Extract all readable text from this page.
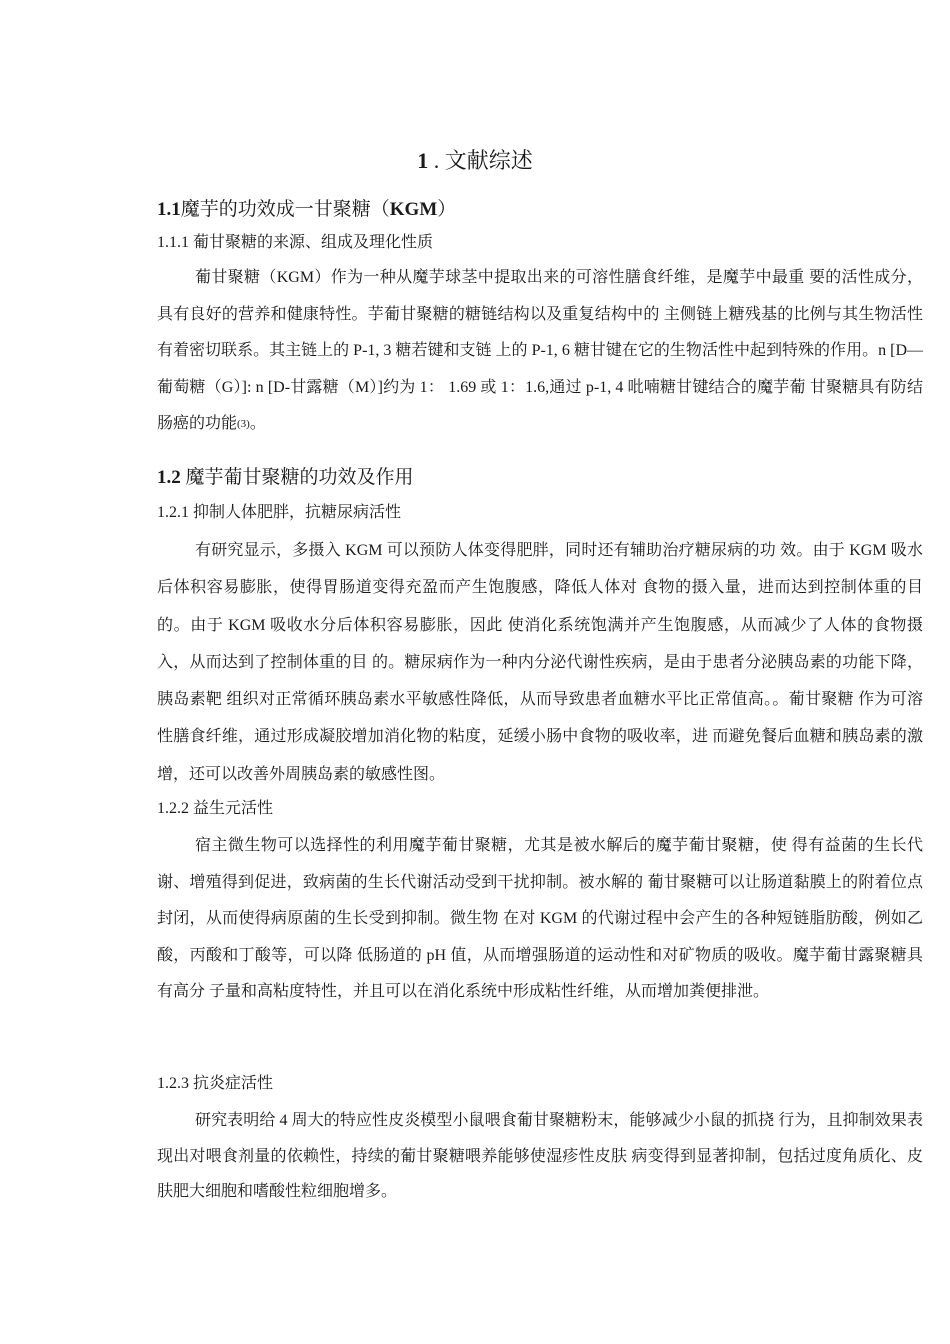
1 . 文献综述
1.1魔芋的功效成一甘聚糖（KGM）
1.1.1 葡甘聚糖的来源、组成及理化性质

葡甘聚糖（KGM）作为一种从魔芋球茎中提取出来的可溶性膳食纤维，是魔芋中最重 要的活性成分，具有良好的营养和健康特性。芋葡甘聚糖的糖链结构以及重复结构中的 主侧链上糖残基的比例与其生物活性有着密切联系。其主链上的 P-1, 3 糖若键和支链 上的 P-1, 6 糖甘键在它的生物活性中起到特殊的作用。n [D—葡萄糖（G）]: n [D-甘露糖（M）]约为 1： 1.69 或 1：1.6,通过 p-1, 4 吡喃糖甘键结合的魔芋葡 甘聚糖具有防结肠癌的功能(3)。

1.2 魔芋葡甘聚糖的功效及作用
1.2.1 抑制人体肥胖，抗糖尿病活性

有研究显示，多摄入 KGM 可以预防人体变得肥胖，同时还有辅助治疗糖尿病的功 效。由于 KGM 吸水后体积容易膨胀，使得胃肠道变得充盈而产生饱腹感，降低人体对 食物的摄入量，进而达到控制体重的目的。由于 KGM 吸收水分后体积容易膨胀，因此 使消化系统饱满并产生饱腹感，从而减少了人体的食物摄入，从而达到了控制体重的目 的。糖尿病作为一种内分泌代谢性疾病，是由于患者分泌胰岛素的功能下降，胰岛素靶 组织对正常循环胰岛素水平敏感性降低，从而导致患者血糖水平比正常值高。。葡甘聚糖 作为可溶性膳食纤维，通过形成凝胶增加消化物的粘度，延缓小肠中食物的吸收率，进 而避免餐后血糖和胰岛素的激增，还可以改善外周胰岛素的敏感性图。

1.2.2 益生元活性

宿主微生物可以选择性的利用魔芋葡甘聚糖，尤其是被水解后的魔芋葡甘聚糖，使 得有益菌的生长代谢、增殖得到促进，致病菌的生长代谢活动受到干扰抑制。被水解的 葡甘聚糖可以让肠道黏膜上的附着位点封闭，从而使得病原菌的生长受到抑制。微生物 在对 KGM 的代谢过程中会产生的各种短链脂肪酸，例如乙酸，丙酸和丁酸等，可以降 低肠道的 pH 值，从而增强肠道的运动性和对矿物质的吸收。魔芋葡甘露聚糖具有高分 子量和高粘度特性，并且可以在消化系统中形成粘性纤维，从而增加粪便排泄。

1.2.3 抗炎症活性

研究表明给 4 周大的特应性皮炎模型小鼠喂食葡甘聚糖粉末，能够减少小鼠的抓挠 行为，且抑制效果表现出对喂食剂量的依赖性，持续的葡甘聚糖喂养能够使湿疹性皮肤 病变得到显著抑制，包括过度角质化、皮肤肥大细胞和嗜酸性粒细胞增多。
